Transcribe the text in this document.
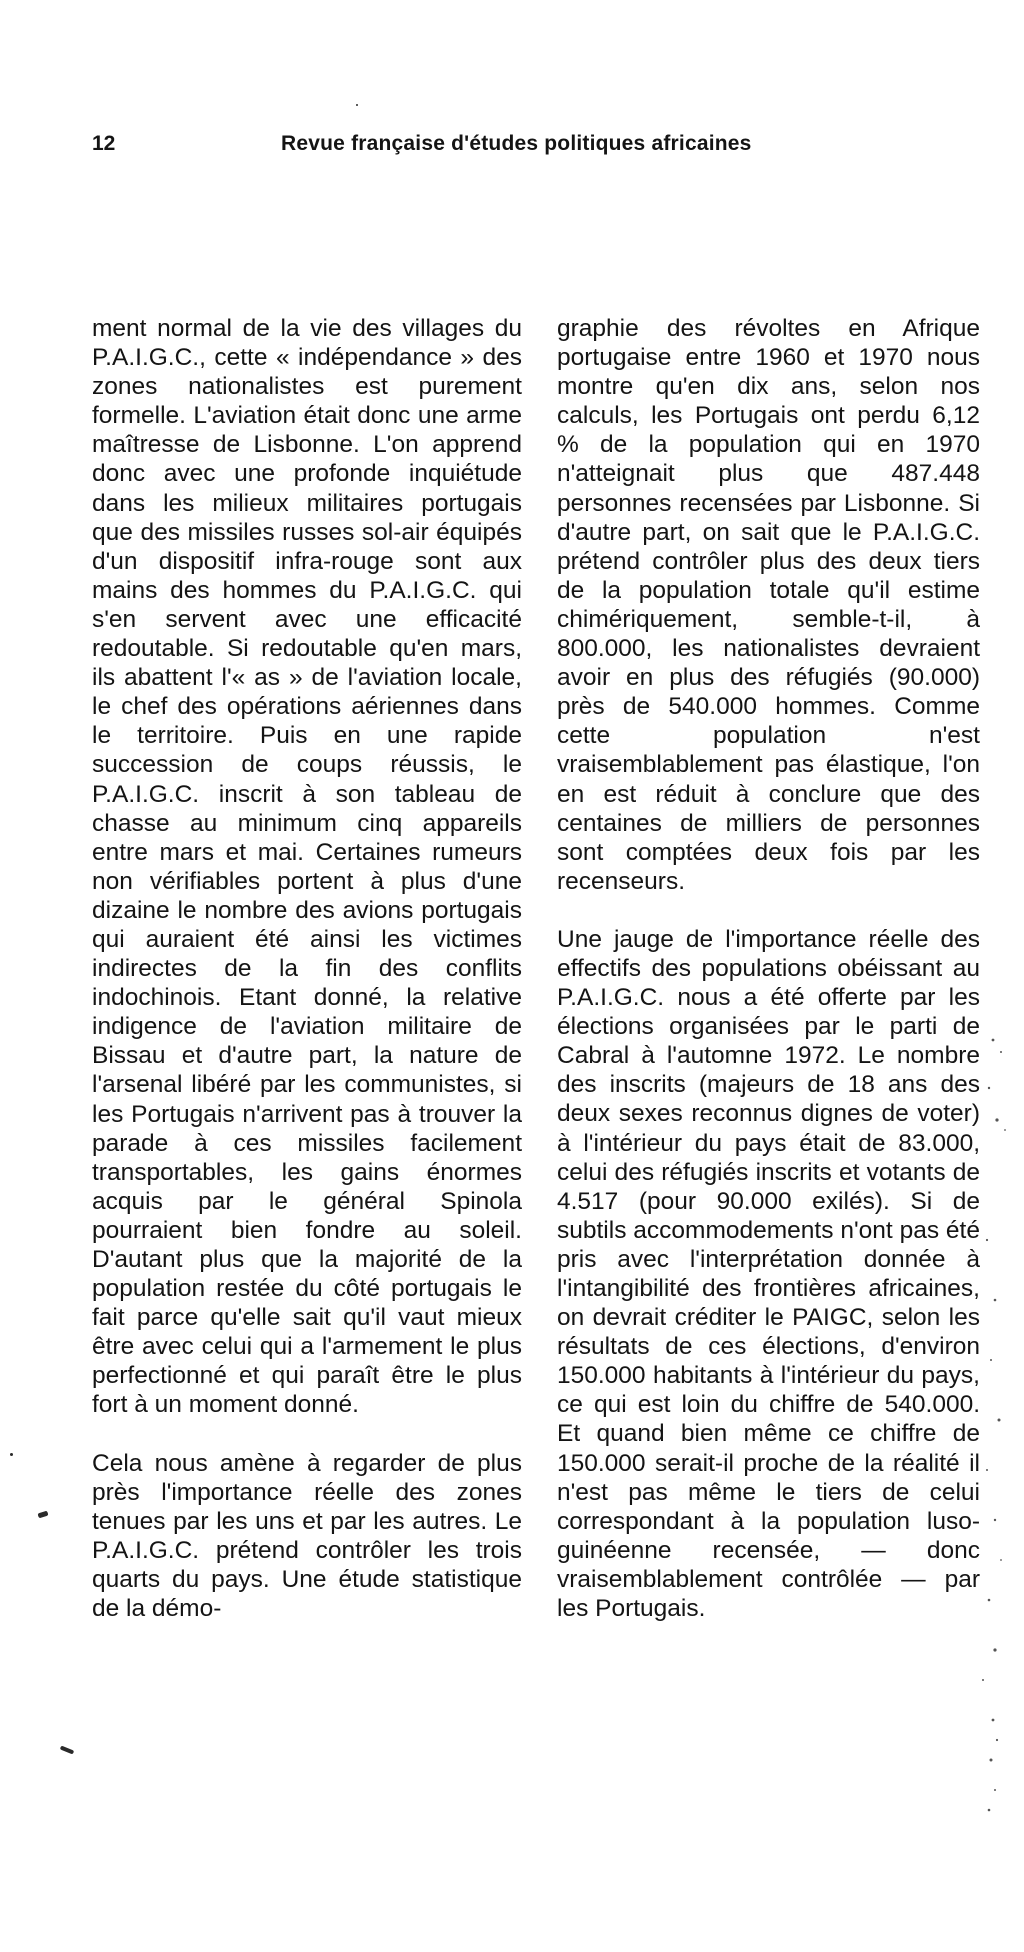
12	Revue française d'études politiques africaines

ment normal de la vie des villages du P.A.I.G.C., cette « indépendance » des zones nationalistes est purement formelle. L'aviation était donc une arme maîtresse de Lisbonne. L'on apprend donc avec une profonde inquiétude dans les milieux militaires portugais que des missiles russes sol-air équipés d'un dispositif infra-rouge sont aux mains des hommes du P.A.I.G.C. qui s'en servent avec une efficacité redoutable. Si redoutable qu'en mars, ils abattent l'« as » de l'aviation locale, le chef des opérations aériennes dans le territoire. Puis en une rapide succession de coups réussis, le P.A.I.G.C. inscrit à son tableau de chasse au minimum cinq appareils entre mars et mai. Certaines rumeurs non vérifiables portent à plus d'une dizaine le nombre des avions portugais qui auraient été ainsi les victimes indirectes de la fin des conflits indochinois. Etant donné, la relative indigence de l'aviation militaire de Bissau et d'autre part, la nature de l'arsenal libéré par les communistes, si les Portugais n'arrivent pas à trouver la parade à ces missiles facilement transportables, les gains énormes acquis par le général Spinola pourraient bien fondre au soleil. D'autant plus que la majorité de la population restée du côté portugais le fait parce qu'elle sait qu'il vaut mieux être avec celui qui a l'armement le plus perfectionné et qui paraît être le plus fort à un moment donné.

Cela nous amène à regarder de plus près l'importance réelle des zones tenues par les uns et par les autres. Le P.A.I.G.C. prétend contrôler les trois quarts du pays. Une étude statistique de la démo-

graphie des révoltes en Afrique portugaise entre 1960 et 1970 nous montre qu'en dix ans, selon nos calculs, les Portugais ont perdu 6,12 % de la population qui en 1970 n'atteignait plus que 487.448 personnes recensées par Lisbonne. Si d'autre part, on sait que le P.A.I.G.C. prétend contrôler plus des deux tiers de la population totale qu'il estime chimériquement, semble-t-il, à 800.000, les nationalistes devraient avoir en plus des réfugiés (90.000) près de 540.000 hommes. Comme cette population n'est vraisemblablement pas élastique, l'on en est réduit à conclure que des centaines de milliers de personnes sont comptées deux fois par les recenseurs.

Une jauge de l'importance réelle des effectifs des populations obéissant au P.A.I.G.C. nous a été offerte par les élections organisées par le parti de Cabral à l'automne 1972. Le nombre des inscrits (majeurs de 18 ans des deux sexes reconnus dignes de voter) à l'intérieur du pays était de 83.000, celui des réfugiés inscrits et votants de 4.517 (pour 90.000 exilés). Si de subtils accommodements n'ont pas été pris avec l'interprétation donnée à l'intangibilité des frontières africaines, on devrait créditer le PAIGC, selon les résultats de ces élections, d'environ 150.000 habitants à l'intérieur du pays, ce qui est loin du chiffre de 540.000. Et quand bien même ce chiffre de 150.000 serait-il proche de la réalité il n'est pas même le tiers de celui correspondant à la population luso-guinéenne recensée, — donc vraisemblablement contrôlée — par les Portugais.
